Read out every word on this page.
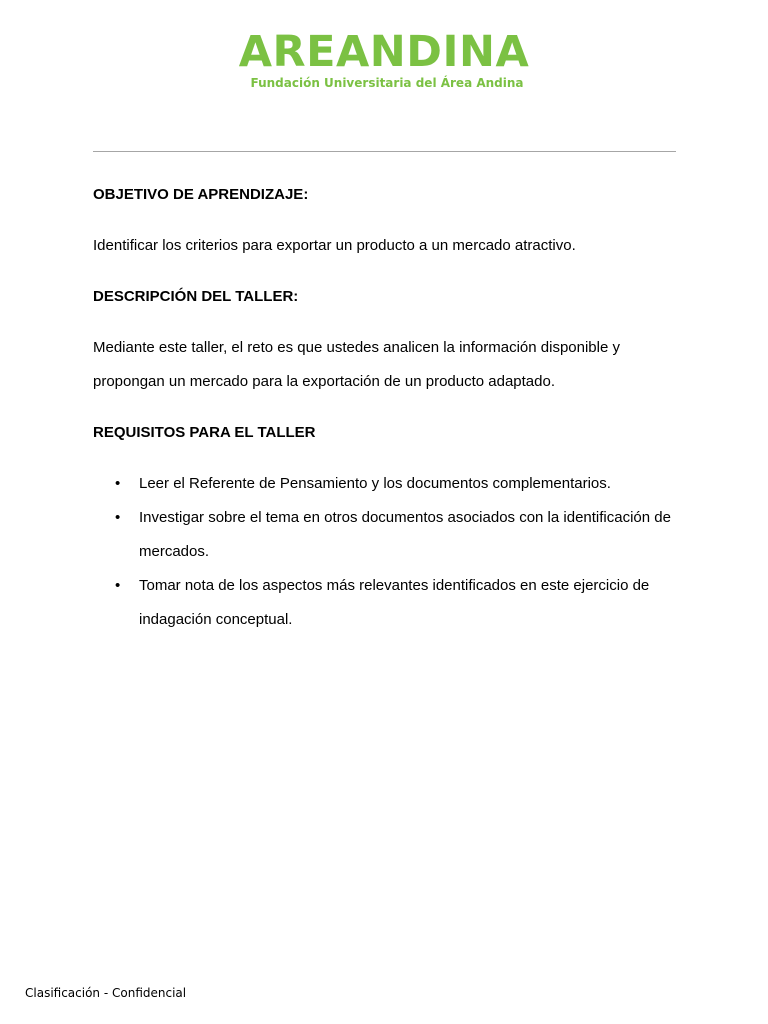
AREANDINA
Fundación Universitaria del Área Andina
OBJETIVO DE APRENDIZAJE:
Identificar los criterios para exportar un producto a un mercado atractivo.
DESCRIPCIÓN DEL TALLER:
Mediante este taller, el reto es que ustedes analicen la información disponible y propongan un mercado para la exportación de un producto adaptado.
REQUISITOS PARA EL TALLER
• Leer el Referente de Pensamiento y los documentos complementarios.
• Investigar sobre el tema en otros documentos asociados con la identificación de mercados.
• Tomar nota de los aspectos más relevantes identificados en este ejercicio de indagación conceptual.
Clasificación - Confidencial
